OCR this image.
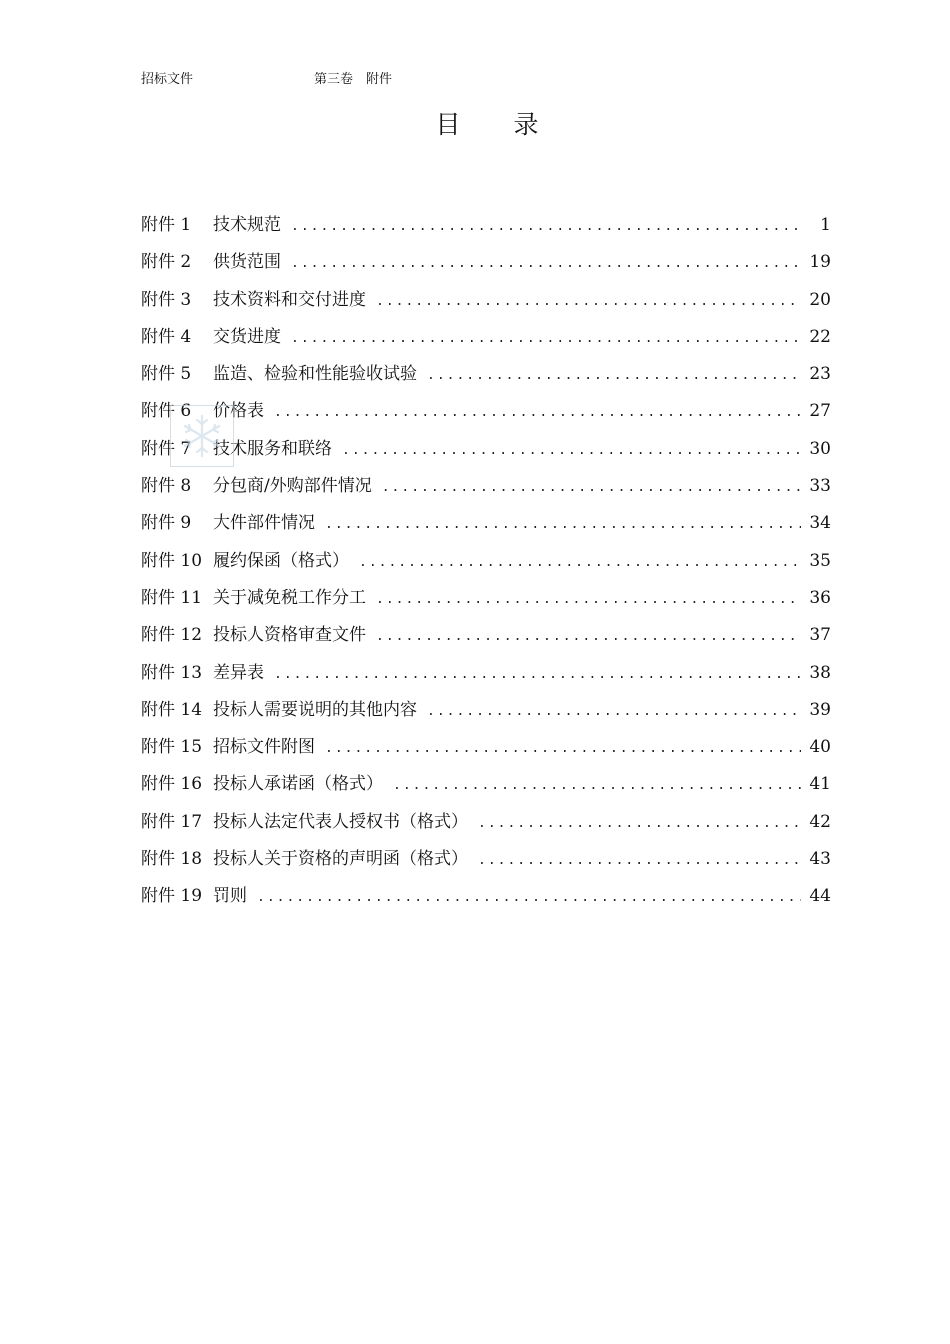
招标文件	第三卷　附件
目　　录
附件 1	技术规范 .....	1
附件 2	供货范围 .....	19
附件 3	技术资料和交付进度 .....	20
附件 4	交货进度 .....	22
附件 5	监造、检验和性能验收试验 .....	23
附件 6	价格表 .....	27
附件 7	技术服务和联络 .....	30
附件 8	分包商/外购部件情况 .....	33
附件 9	大件部件情况 .....	34
附件 10 履约保函（格式） .....	35
附件 11 关于减免税工作分工 .....	36
附件 12 投标人资格审查文件 .....	37
附件 13 差异表 .....	38
附件 14 投标人需要说明的其他内容 .....	39
附件 15 招标文件附图 .....	40
附件 16 投标人承诺函（格式） .....	41
附件 17 投标人法定代表人授权书（格式） .....	42
附件 18 投标人关于资格的声明函（格式） .....	43
附件 19 罚则 .....	44
